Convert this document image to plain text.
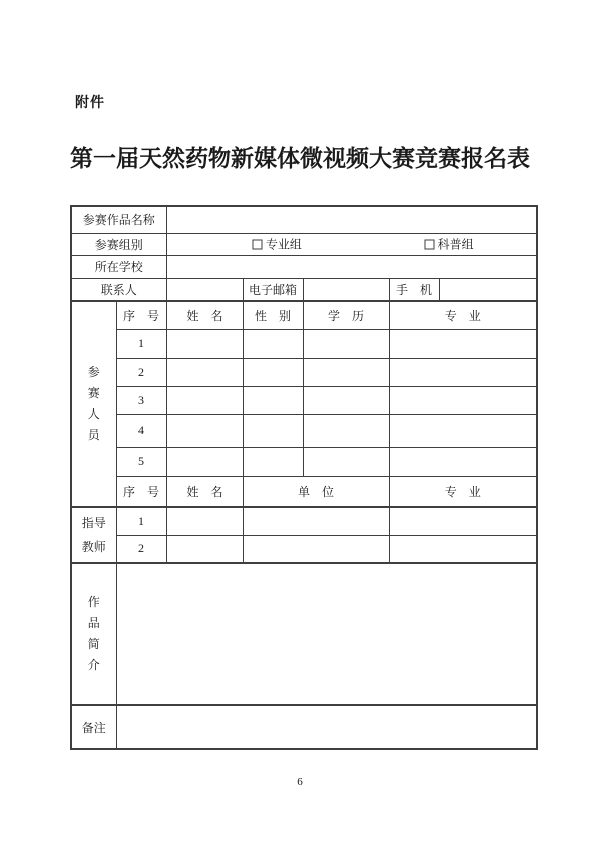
附件
第一届天然药物新媒体微视频大赛竞赛报名表
参赛作品名称						
参赛组别		专业组 科普组				

所在学校						
联系人			电子邮箱		手　机	

参
赛
人
员	序　号	姓　名	性　别	学　历	专　业	
	1					
	2					
	3					
	4					
	5					
	序　号	姓　名	单　位		专　业	

指导
教师	1					
	2					

作
品
简
介						

备注						
6
